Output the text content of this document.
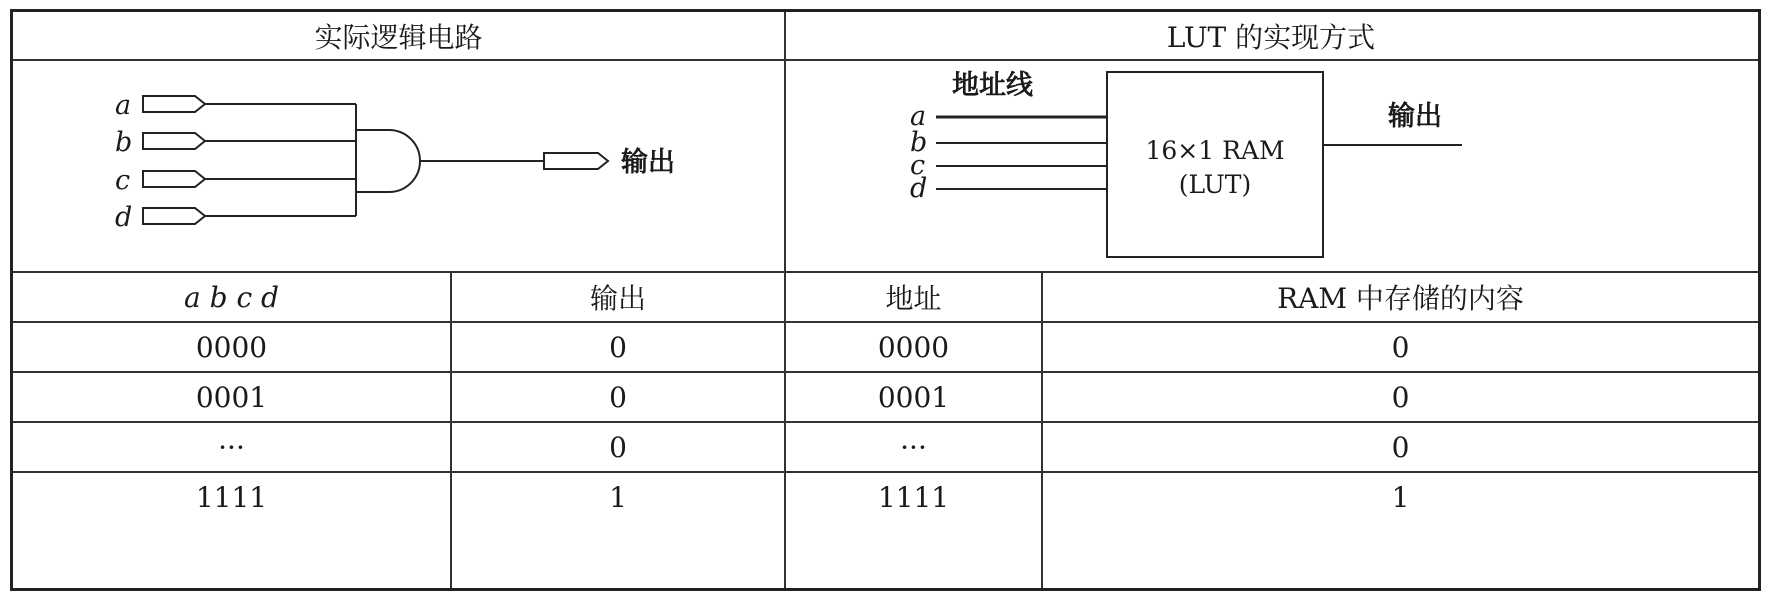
实际逻辑电路	LUT 的实现方式
a
b
c
d
输出
地址线
a
b
c
d
16×1 RAM
(LUT)
输出
a b c d	输出	地址	RAM 中存储的内容
0000	0	0000	0
0001	0	0001	0
···	0	···	0
1111	1	1111	1
